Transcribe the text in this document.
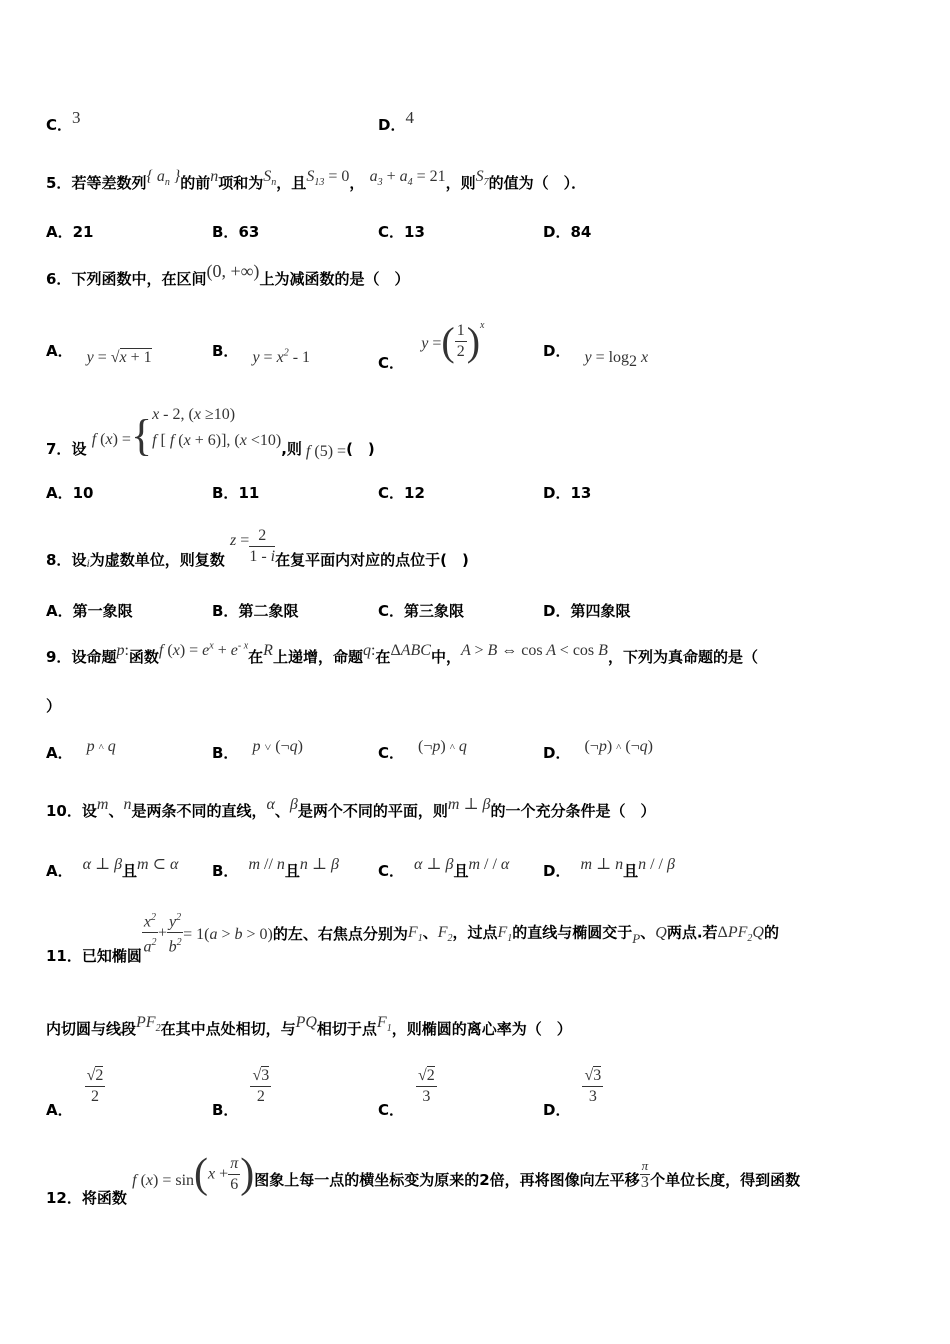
C．3	D．4
5．若等差数列{ $a_n$ }的前n项和为$S_n$，且$S_{13} = 0$， $a_3 + a_4 = 21$，则$S_7$的值为（　）．
A．21	B．63	C．13	D．84
6．下列函数中，在区间(0, +∞)上为减函数的是（　）
A． y = √x + 1	B． $y = x^2 - 1$	C． y =( $\frac{1}{2} )^x$
D． $y = \log_2 x$
7．设 f (x) ={ x - 2, (x ≥10)
f [ f (x + 6)], (x <10) ,则 f (5) =(　)
A．10	B．11	C．12	D．13
8．设$_i$为虚数单位，则复数 $z = \frac{2}{1 - i}$ 在复平面内对应的点位于(　)
A．第一象限	B．第二象限	C．第三象限	D．第四象限
9．设命题p:函数f $(x) = e^x + e^{- x}$在R上递增，命题q:在ΔABC中，A > B ⇔ cos A < cos B，下列为真命题的是（
）
A． p ^ q	B． p ˅ (¬q)	C． (¬p) ^ q	D． (¬p) ^ (¬q)
10．设m、n是两条不同的直线，α、β是两个不同的平面，则m ⊥ β的一个充分条件是（　）
A． α ⊥ β且m ⊂ α B． m // n且n ⊥ β	C． α ⊥ β且m / / α D． m ⊥ n且n / / β
11．已知椭圆 $\frac{x^2}{a^2} + \frac{y^2}{b^2} = 1(a > b > 0)$的左、右焦点分别为$F_1$、$F_2$，过点$F_1$的直线与椭圆交于P、Q两点.若$\Delta PF_2Q$的
内切圆与线段$PF_2$在其中点处相切，与PQ相切于点$F_1$，则椭圆的离心率为（　）
A．
$\frac{√2}{2}$
B．
$\frac{√3}{2}$
C．
$\frac{√2}{3}$
D．
$\frac{√3}{3}$
12．将函数 f $(x) = \sin(x + \frac{\pi}{6}$ )图象上每一点的横坐标变为原来的2倍，再将图像向左平移 $\frac{\pi}{3}$ 个单位长度，得到函数
